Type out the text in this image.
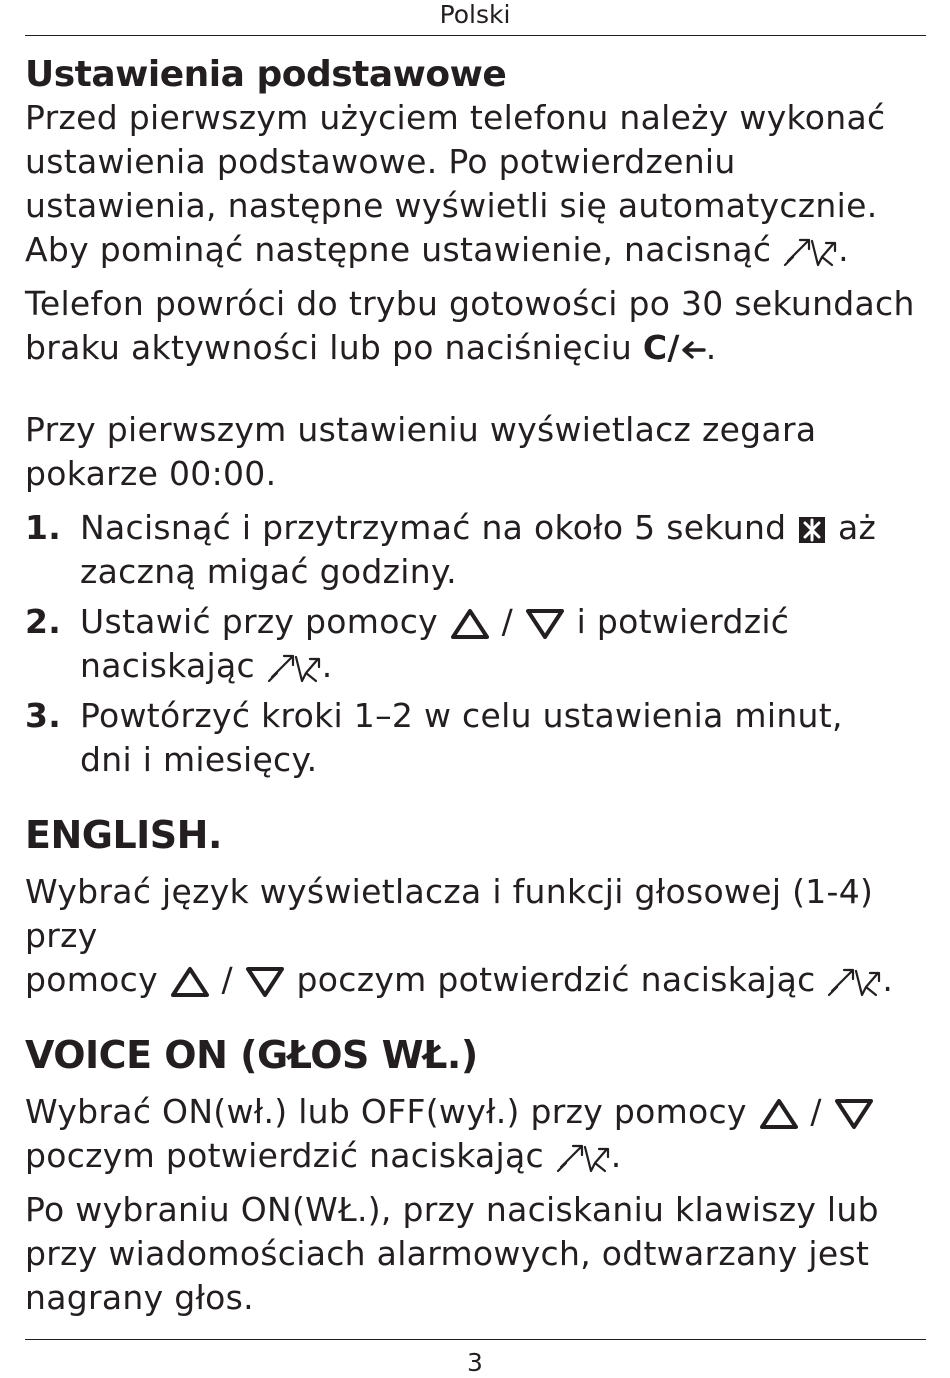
Polski
Ustawienia podstawowe

Przed pierwszym użyciem telefonu należy wykonać

ustawienia podstawowe. Po potwierdzeniu

ustawienia, następne wyświetli się automatycznie.

Aby pominąć następne ustawienie, nacisnąć
.

Telefon powróci do trybu gotowości po 30 sekundach

braku aktywności lub po naciśnięciu C/ .

Przy pierwszym ustawieniu wyświetlacz zegara

pokarze 00:00.

1. Nacisnąć i przytrzymać na około 5 sekund
aż
zaczną migać godziny.
2. Ustawić przy pomocy
/
i potwierdzić
naciskając
.
3. Powtórzyć kroki 1–2 w celu ustawienia minut,
dni i miesięcy.
ENGLISH.

Wybrać język wyświetlacza i funkcji głosowej (1-4) przy

pomocy
/
poczym potwierdzić naciskając
.

VOICE ON (GŁOS WŁ.)

Wybrać ON(wł.) lub OFF(wył.) przy pomocy
/

poczym potwierdzić naciskając
.

Po wybraniu ON(WŁ.), przy naciskaniu klawiszy lub

przy wiadomościach alarmowych, odtwarzany jest

nagrany głos.

3
